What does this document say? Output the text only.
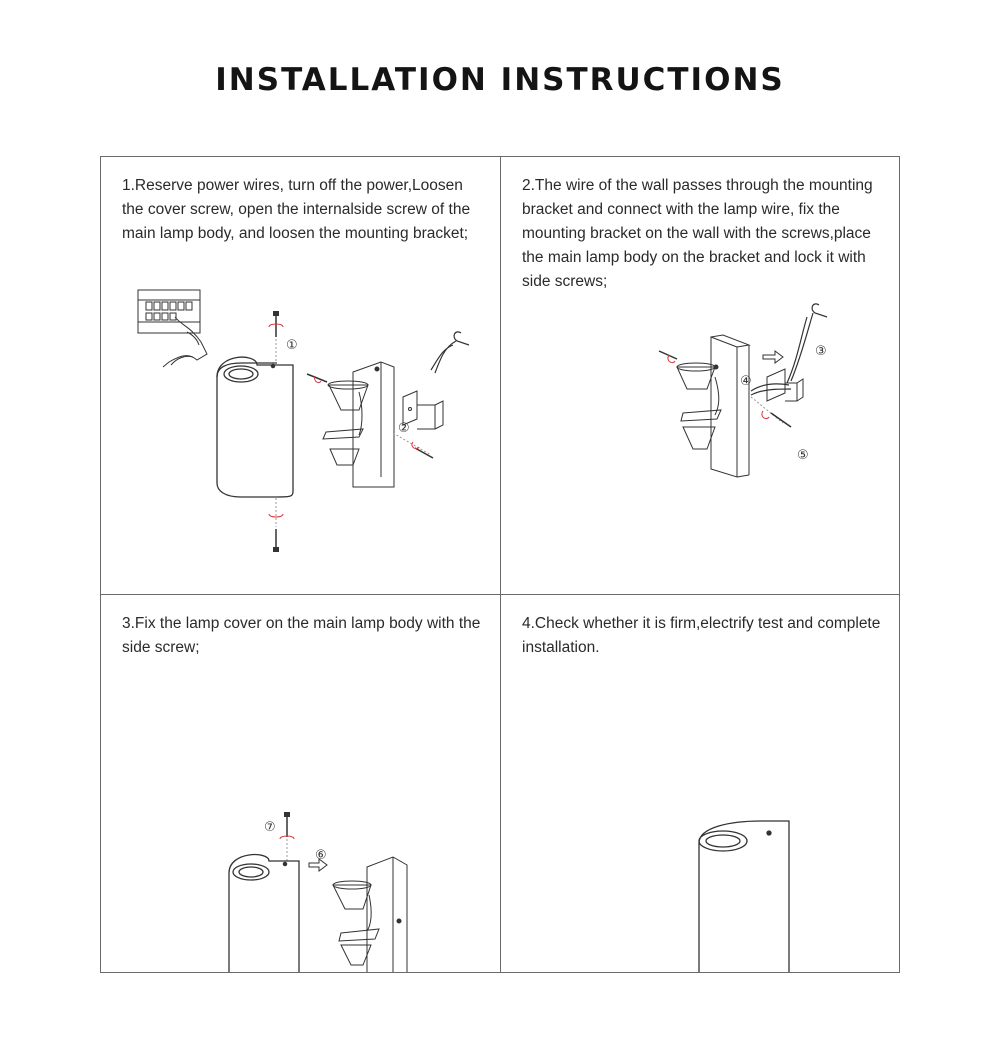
INSTALLATION INSTRUCTIONS
1.Reserve power wires, turn off the power,Loosen the cover screw, open the internalside screw of the main lamp body, and loosen the mounting bracket;
①
②
2.The wire of the wall passes through the mounting bracket and connect with the lamp wire, fix the mounting bracket on the wall with the screws,place the main lamp body on the bracket and lock it with side screws;
④
③
⑤
3.Fix the lamp cover on the main lamp body with the side screw;
⑦
⑥
4.Check whether it is firm,electrify test and complete installation.
